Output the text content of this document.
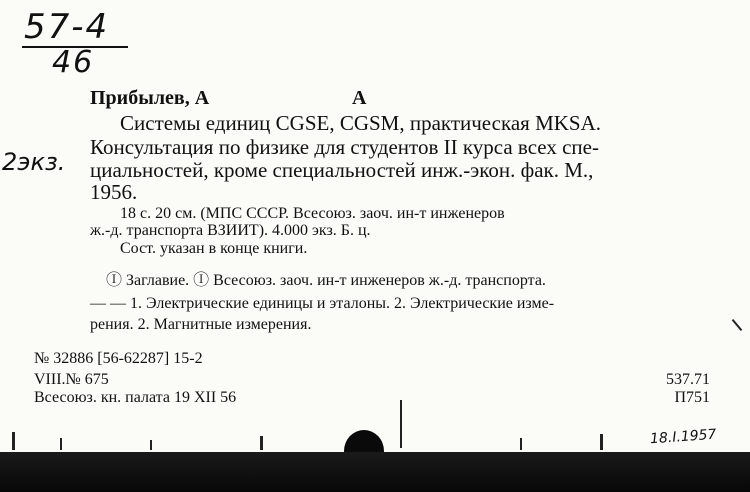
57-4
46
Прибылев, А	А
2экз.
Системы единиц CGSE, CGSM, практическая MKSA.
Консультация по физике для студентов II курса всех спе-
циальностей, кроме специальностей инж.-экон. фак. М.,
1956.
18 с. 20 см. (МПС СССР. Всесоюз. заоч. ин-т инженеров
ж.-д. транспорта ВЗИИТ). 4.000 экз. Б. ц.
Сост. указан в конце книги.
Ⓘ Заглавие. Ⓘ Всесоюз. заоч. ин-т инженеров ж.-д. транспорта.
— — 1. Электрические единицы и эталоны. 2. Электрические изме-
рения. 2. Магнитные измерения.
№ 32886 [56-62287] 15-2
VIII.№ 675
Всесоюз. кн. палата 19 XII 56
537.71
П751
18.I.1957
